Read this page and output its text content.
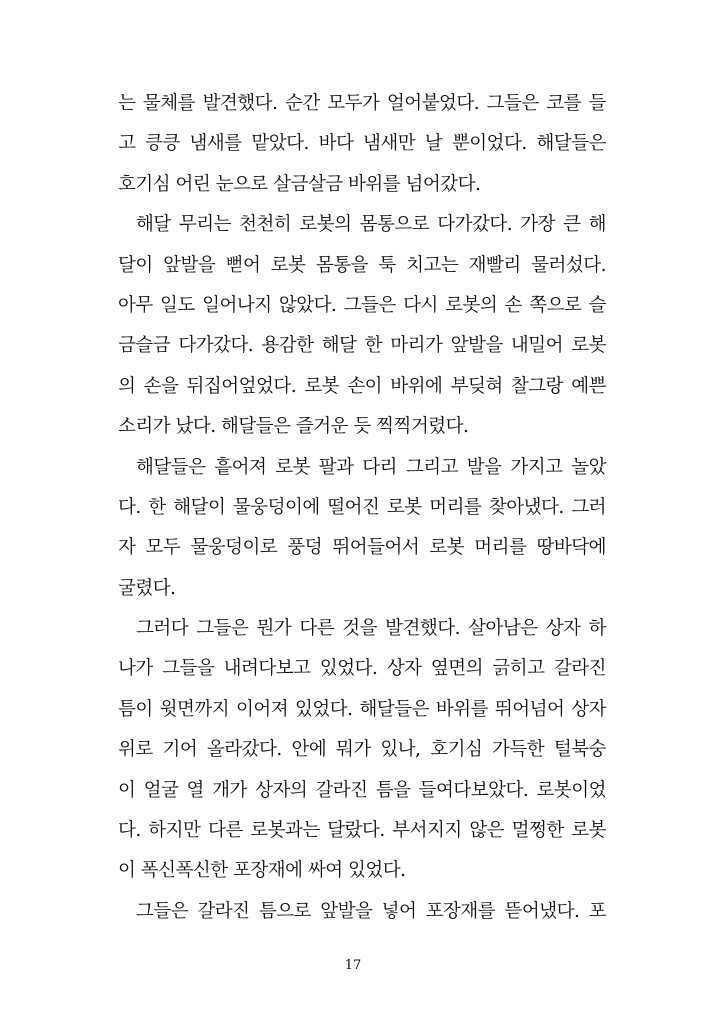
는 물체를 발견했다. 순간 모두가 얼어붙었다. 그들은 코를 들
고 킁킁 냄새를 맡았다. 바다 냄새만 날 뿐이었다. 해달들은
호기심 어린 눈으로 살금살금 바위를 넘어갔다.
해달 무리는 천천히 로봇의 몸통으로 다가갔다. 가장 큰 해
달이 앞발을 뻗어 로봇 몸통을 툭 치고는 재빨리 물러섰다.
아무 일도 일어나지 않았다. 그들은 다시 로봇의 손 쪽으로 슬
금슬금 다가갔다. 용감한 해달 한 마리가 앞발을 내밀어 로봇
의 손을 뒤집어엎었다. 로봇 손이 바위에 부딪혀 찰그랑 예쁜
소리가 났다. 해달들은 즐거운 듯 찍찍거렸다.
해달들은 흩어져 로봇 팔과 다리 그리고 발을 가지고 놀았
다. 한 해달이 물웅덩이에 떨어진 로봇 머리를 찾아냈다. 그러
자 모두 물웅덩이로 풍덩 뛰어들어서 로봇 머리를 땅바닥에
굴렸다.
그러다 그들은 뭔가 다른 것을 발견했다. 살아남은 상자 하
나가 그들을 내려다보고 있었다. 상자 옆면의 긁히고 갈라진
틈이 윗면까지 이어져 있었다. 해달들은 바위를 뛰어넘어 상자
위로 기어 올라갔다. 안에 뭐가 있나, 호기심 가득한 털북숭
이 얼굴 열 개가 상자의 갈라진 틈을 들여다보았다. 로봇이었
다. 하지만 다른 로봇과는 달랐다. 부서지지 않은 멀쩡한 로봇
이 폭신폭신한 포장재에 싸여 있었다.
그들은 갈라진 틈으로 앞발을 넣어 포장재를 뜯어냈다. 포
17
